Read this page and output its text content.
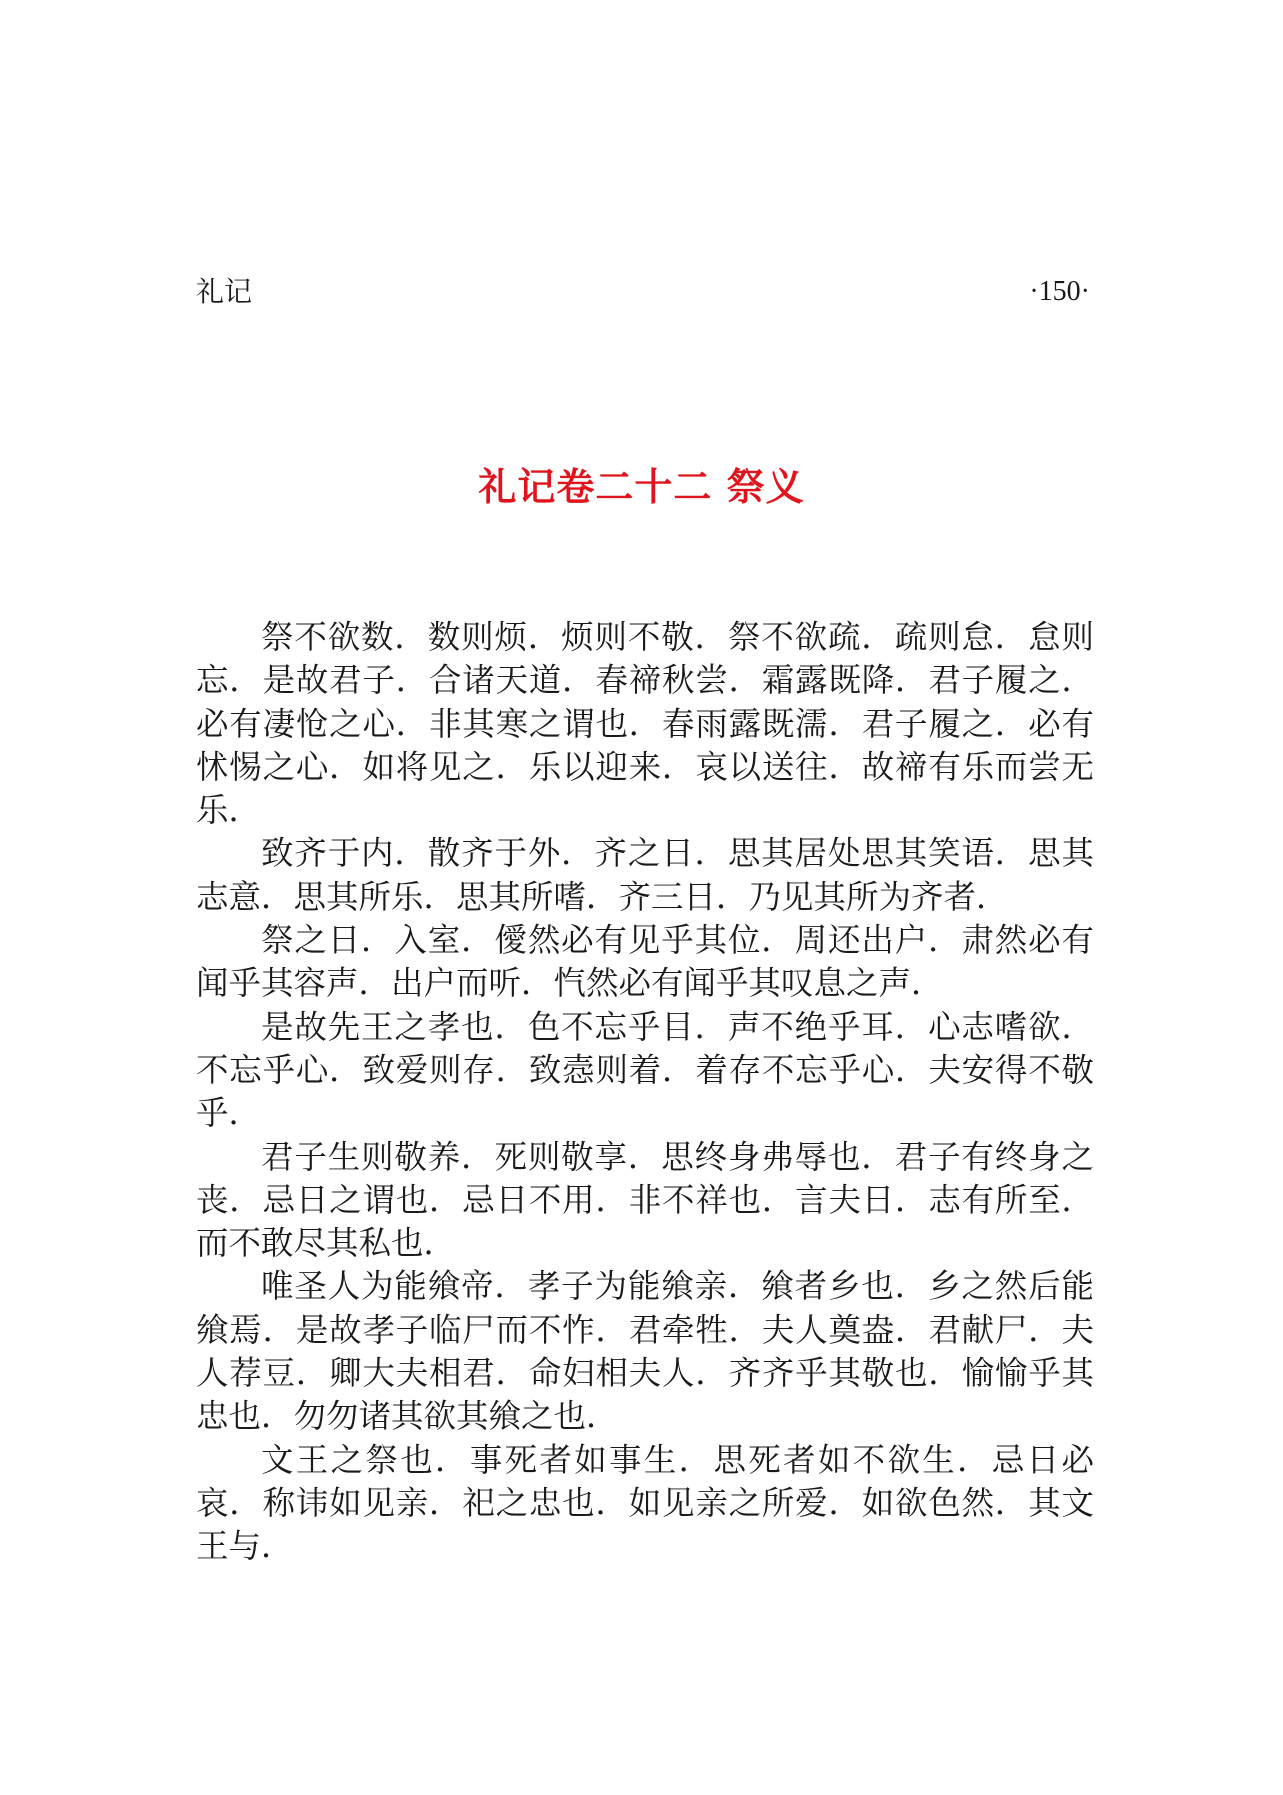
礼记	·150·
礼记卷二十二 祭义

祭不欲数．数则烦．烦则不敬．祭不欲疏．疏则怠．怠则忘．是故君子．合诸天道．春禘秋尝．霜露既降．君子履之．必有凄怆之心．非其寒之谓也．春雨露既濡．君子履之．必有怵惕之心．如将见之．乐以迎来．哀以送往．故禘有乐而尝无乐．

致齐于内．散齐于外．齐之日．思其居处思其笑语．思其志意．思其所乐．思其所嗜．齐三日．乃见其所为齐者．

祭之日．入室．僾然必有见乎其位．周还出户．肃然必有闻乎其容声．出户而听．忾然必有闻乎其叹息之声．

是故先王之孝也．色不忘乎目．声不绝乎耳．心志嗜欲．不忘乎心．致爱则存．致悫则着．着存不忘乎心．夫安得不敬乎．

君子生则敬养．死则敬享．思终身弗辱也．君子有终身之丧．忌日之谓也．忌日不用．非不祥也．言夫日．志有所至．而不敢尽其私也．

唯圣人为能飨帝．孝子为能飨亲．飨者乡也．乡之然后能飨焉．是故孝子临尸而不怍．君牵牲．夫人奠盎．君献尸．夫人荐豆．卿大夫相君．命妇相夫人．齐齐乎其敬也．愉愉乎其忠也．勿勿诸其欲其飨之也．

文王之祭也．事死者如事生．思死者如不欲生．忌日必哀．称讳如见亲．祀之忠也．如见亲之所爱．如欲色然．其文王与．
